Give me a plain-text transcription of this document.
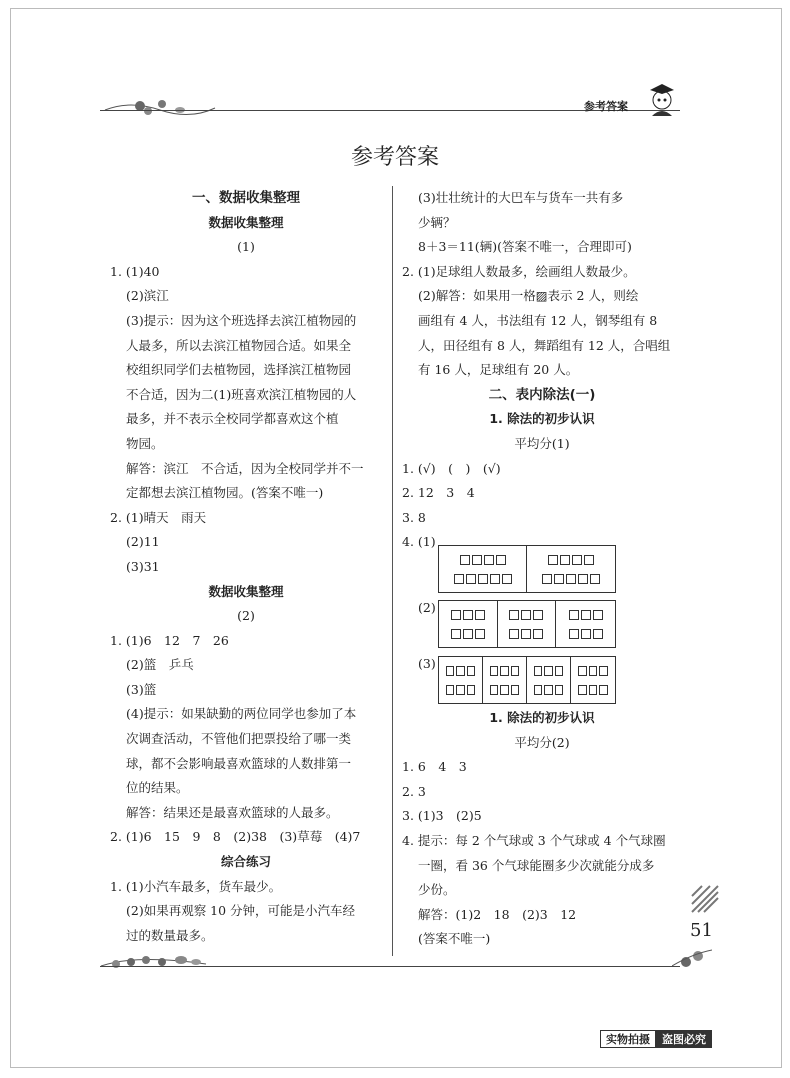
参考答案
参考答案

一、数据收集整理

数据收集整理

(1)

1. (1)40

(2)滨江

(3)提示：因为这个班选择去滨江植物园的

人最多，所以去滨江植物园合适。如果全

校组织同学们去植物园，选择滨江植物园

不合适，因为二(1)班喜欢滨江植物园的人

最多，并不表示全校同学都喜欢这个植

物园。

解答：滨江　不合适，因为全校同学并不一

定都想去滨江植物园。(答案不唯一)

2. (1)晴天　雨天

(2)11

(3)31

数据收集整理

(2)

1. (1)6　12　7　26

(2)篮　乒乓

(3)篮

(4)提示：如果缺勤的两位同学也参加了本

次调查活动，不管他们把票投给了哪一类

球，都不会影响最喜欢篮球的人数排第一

位的结果。

解答：结果还是最喜欢篮球的人最多。

2. (1)6　15　9　8　(2)38　(3)草莓　(4)7

综合练习

1. (1)小汽车最多，货车最少。

(2)如果再观察 10 分钟，可能是小汽车经

过的数量最多。

(3)壮壮统计的大巴车与货车一共有多

少辆？

8＋3＝11(辆)(答案不唯一，合理即可)

2. (1)足球组人数最多，绘画组人数最少。

(2)解答：如果用一格▨表示 2 人，则绘

画组有 4 人，书法组有 12 人，钢琴组有 8

人，田径组有 8 人，舞蹈组有 12 人，合唱组

有 16 人，足球组有 20 人。

二、表内除法(一)

1. 除法的初步认识

平均分(1)

1. (√)　(　)　(√)

2. 12　3　4

3. 8

4. (1)

(2)
(3)

1. 除法的初步认识

平均分(2)

1. 6　4　3

2. 3

3. (1)3　(2)5

4. 提示：每 2 个气球或 3 个气球或 4 个气球圈

一圈，看 36 个气球能圈多少次就能分成多

少份。

解答：(1)2　18　(2)3　12

(答案不唯一)	51
实物拍摄	盗图必究
